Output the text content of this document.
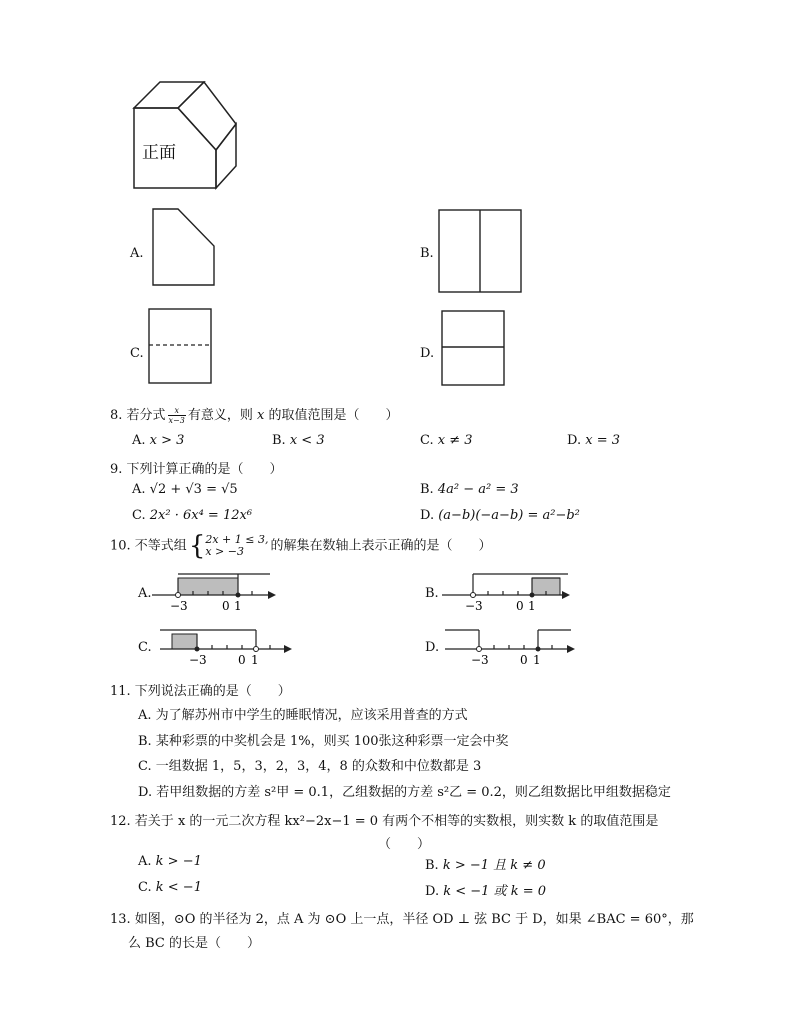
正面
A.	B.
C.	D.
8. 若分式 $\frac{x}{x-3}$ 有意义，则 x 的取值范围是（　　）
A. x > 3	B. x < 3	C. x ≠ 3	D. x = 3
9. 下列计算正确的是（　　）
A. √2 + √3 = √5	B. 4a² − a² = 3
C. 2x² · 6x⁴ = 12x⁶	D. (a−b)(−a−b) = a²−b²
10. 不等式组{ 2x + 1 ≤ 3,
x > −3	的解集在数轴上表示正确的是（　　）
A.
−3	0 1
B.
−3	0 1
C.
−3	0 1
D.
−3	0 1
11. 下列说法正确的是（　　）
A. 为了解苏州市中学生的睡眠情况，应该采用普查的方式
B. 某种彩票的中奖机会是 1%，则买 100张这种彩票一定会中奖
C. 一组数据 1，5，3，2，3，4，8 的众数和中位数都是 3
D. 若甲组数据的方差 s²甲 = 0.1，乙组数据的方差 s²乙 = 0.2，则乙组数据比甲组数据稳定
12. 若关于 x 的一元二次方程 kx²−2x−1 = 0 有两个不相等的实数根，则实数 k 的取值范围是
（　　）
A. k > −1	B. k > −1 且 k ≠ 0
C. k < −1	D. k < −1 或 k = 0
13. 如图，⊙O 的半径为 2，点 A 为 ⊙O 上一点，半径 OD ⊥ 弦 BC 于 D，如果 ∠BAC = 60°，那
么 BC 的长是（　　）
